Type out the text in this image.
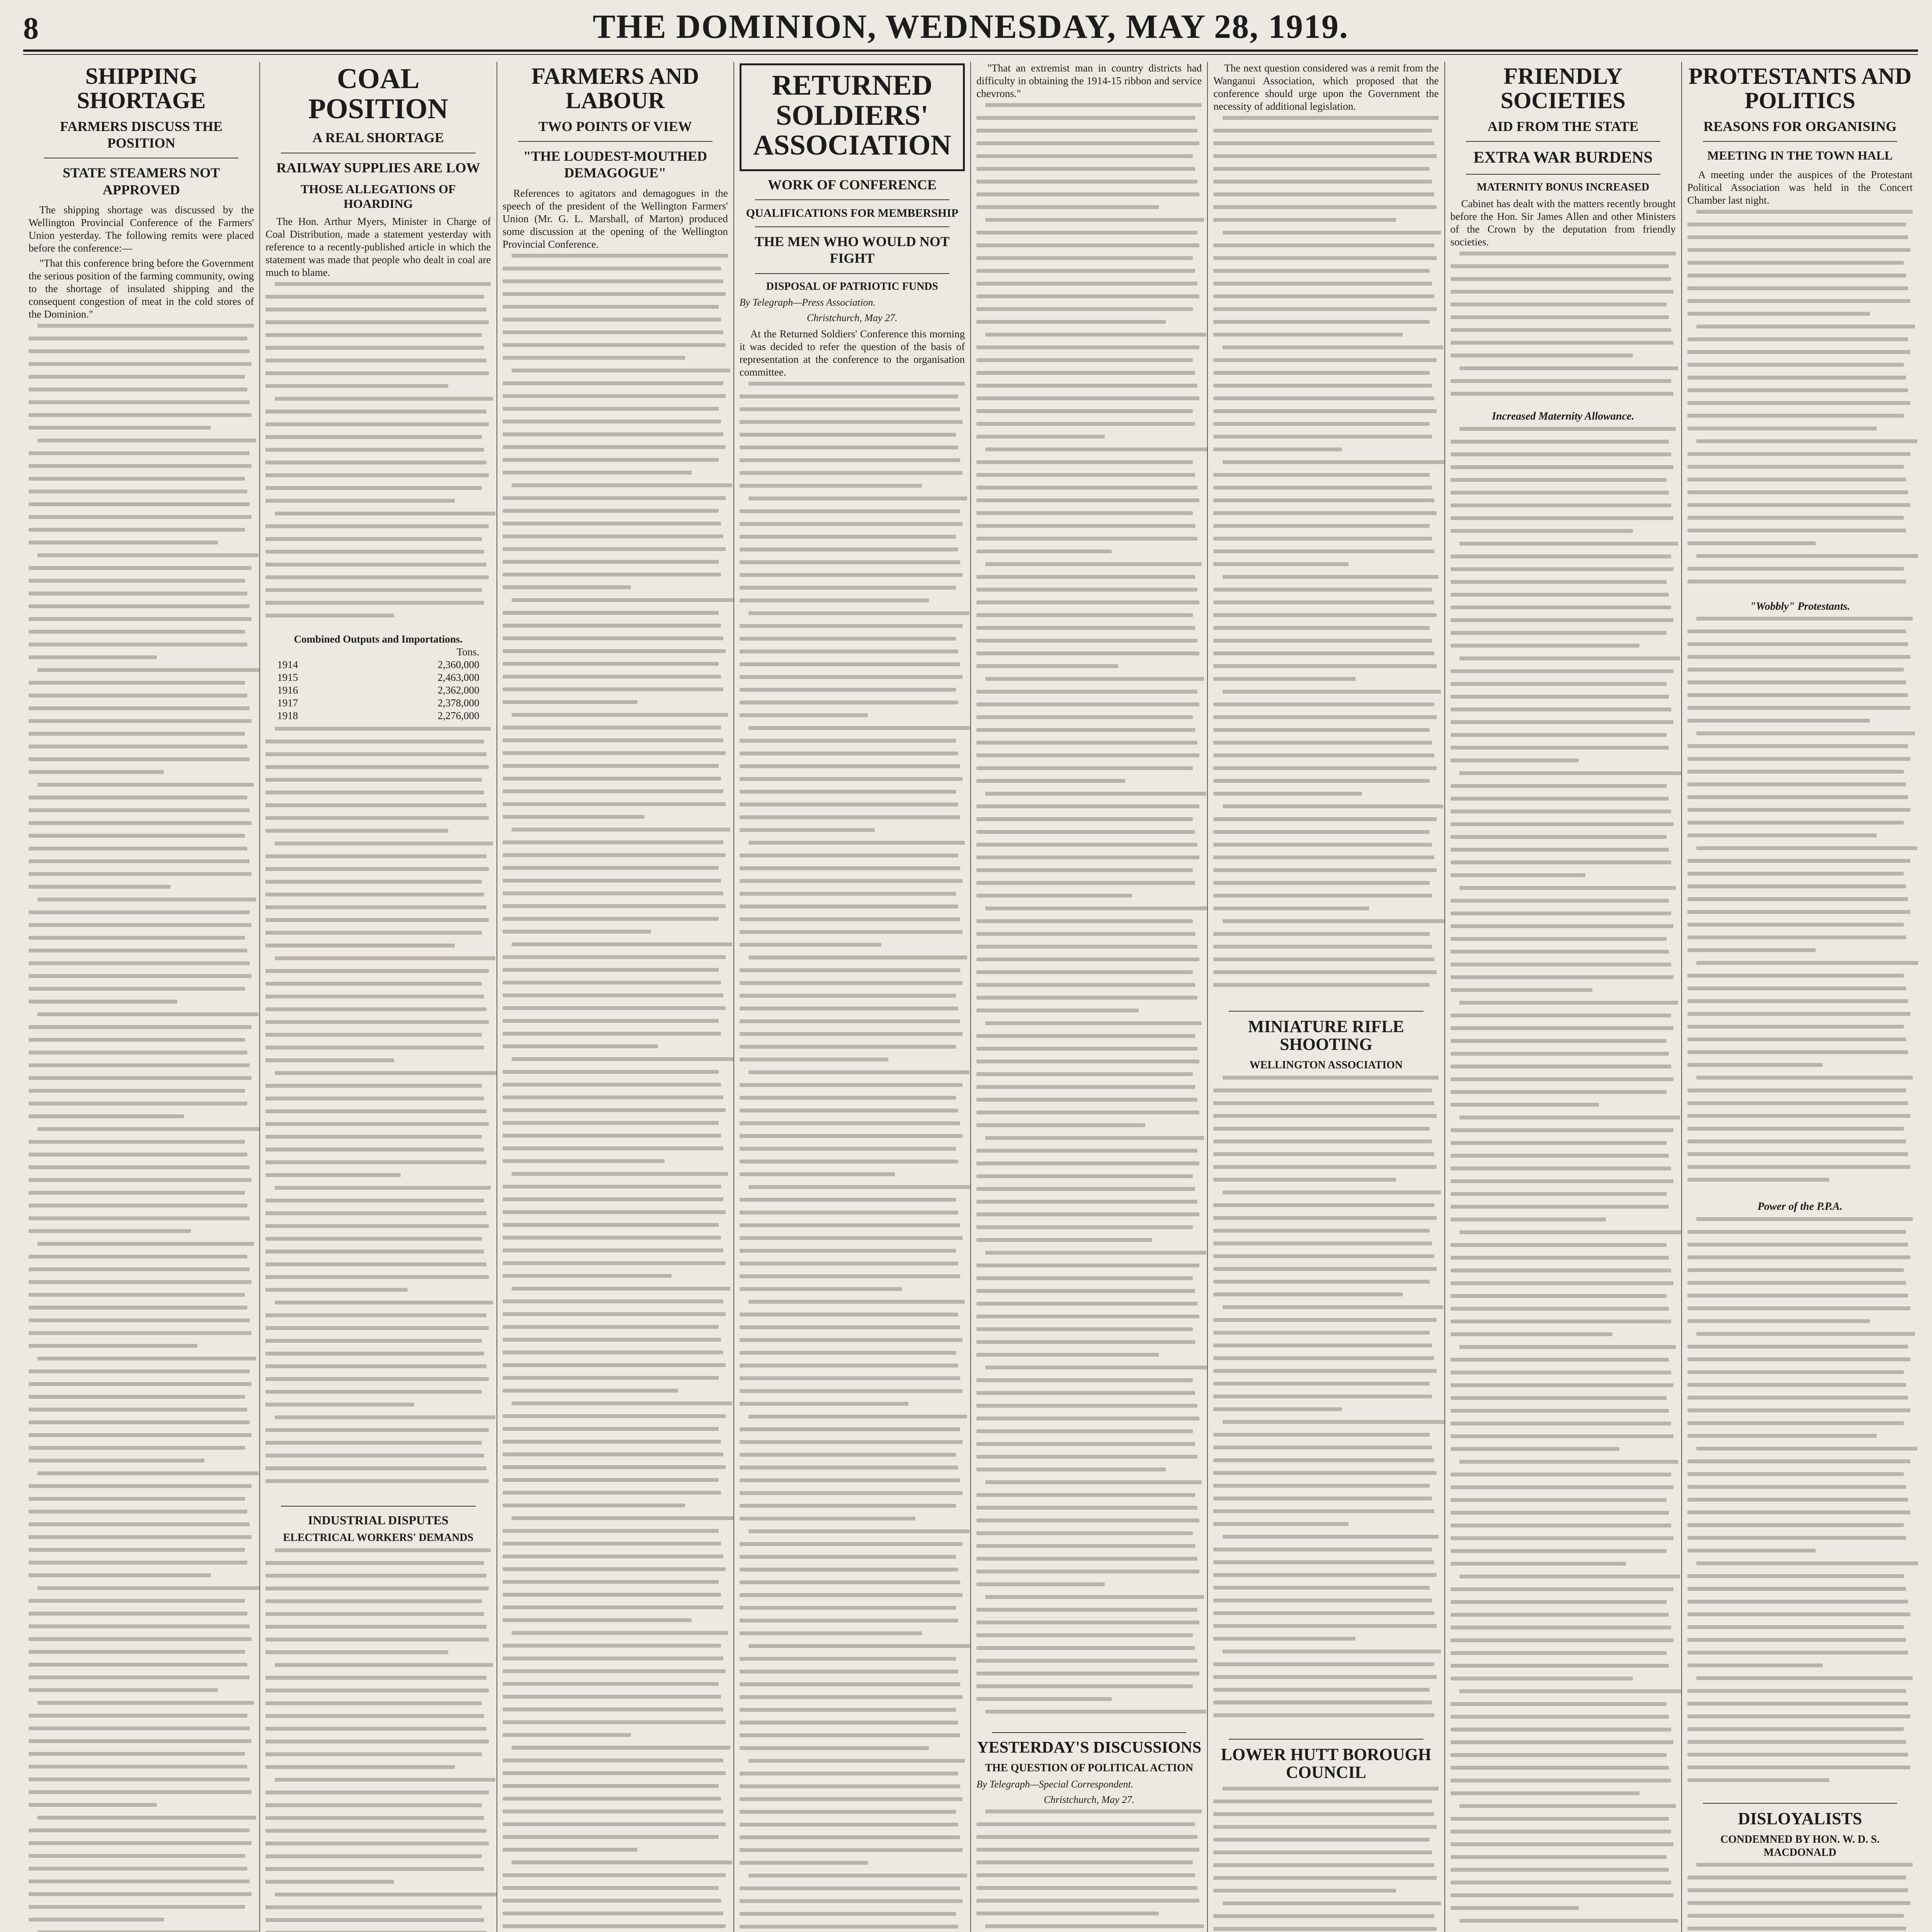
8	THE DOMINION, WEDNESDAY, MAY 28, 1919.
SHIPPING SHORTAGE
FARMERS DISCUSS THE POSITION
STATE STEAMERS NOT APPROVED

The shipping shortage was discussed by the Wellington Provincial Conference of the Farmers' Union yesterday. The following remits were placed before the conference:—

"That this conference bring before the Government the serious position of the farming community, owing to the shortage of insulated shipping and the consequent congestion of meat in the cold stores of the Dominion."

COAL POSITION
A REAL SHORTAGE
RAILWAY SUPPLIES ARE LOW
THOSE ALLEGATIONS OF HOARDING

The Hon. Arthur Myers, Minister in Charge of Coal Distribution, made a statement yesterday with reference to a recently-published article in which the statement was made that people who dealt in coal are much to blame.

Combined Outputs and Importations.
Tons.
1914	2,360,000
1915	2,463,000
1916	2,362,000
1917	2,378,000
1918	2,276,000
INDUSTRIAL DISPUTES
ELECTRICAL WORKERS' DEMANDS
FARMERS AND LABOUR
TWO POINTS OF VIEW
"THE LOUDEST-MOUTHED DEMAGOGUE"

References to agitators and demagogues in the speech of the president of the Wellington Farmers' Union (Mr. G. L. Marshall, of Marton) produced some discussion at the opening of the Wellington Provincial Conference.

RETURNED SOLDIERS' ASSOCIATION
WORK OF CONFERENCE
QUALIFICATIONS FOR MEMBERSHIP
THE MEN WHO WOULD NOT FIGHT
DISPOSAL OF PATRIOTIC FUNDS
By Telegraph—Press Association.
Christchurch, May 27.

At the Returned Soldiers' Conference this morning it was decided to refer the question of the basis of representation at the conference to the organisation committee.

"That an extremist man in country districts had difficulty in obtaining the 1914-15 ribbon and service chevrons."

YESTERDAY'S DISCUSSIONS
THE QUESTION OF POLITICAL ACTION
By Telegraph—Special Correspondent.
Christchurch, May 27.

The next question considered was a remit from the Wanganui Association, which proposed that the conference should urge upon the Government the necessity of additional legislation.

MINIATURE RIFLE SHOOTING
WELLINGTON ASSOCIATION
LOWER HUTT BOROUGH COUNCIL
FRIENDLY SOCIETIES
AID FROM THE STATE
EXTRA WAR BURDENS
MATERNITY BONUS INCREASED

Cabinet has dealt with the matters recently brought before the Hon. Sir James Allen and other Ministers of the Crown by the deputation from friendly societies.

Increased Maternity Allowance.
PROTESTANTS AND POLITICS
REASONS FOR ORGANISING
MEETING IN THE TOWN HALL

A meeting under the auspices of the Protestant Political Association was held in the Concert Chamber last night.

"Wobbly" Protestants.
Power of the P.P.A.
DISLOYALISTS
CONDEMNED BY HON. W. D. S. MACDONALD
